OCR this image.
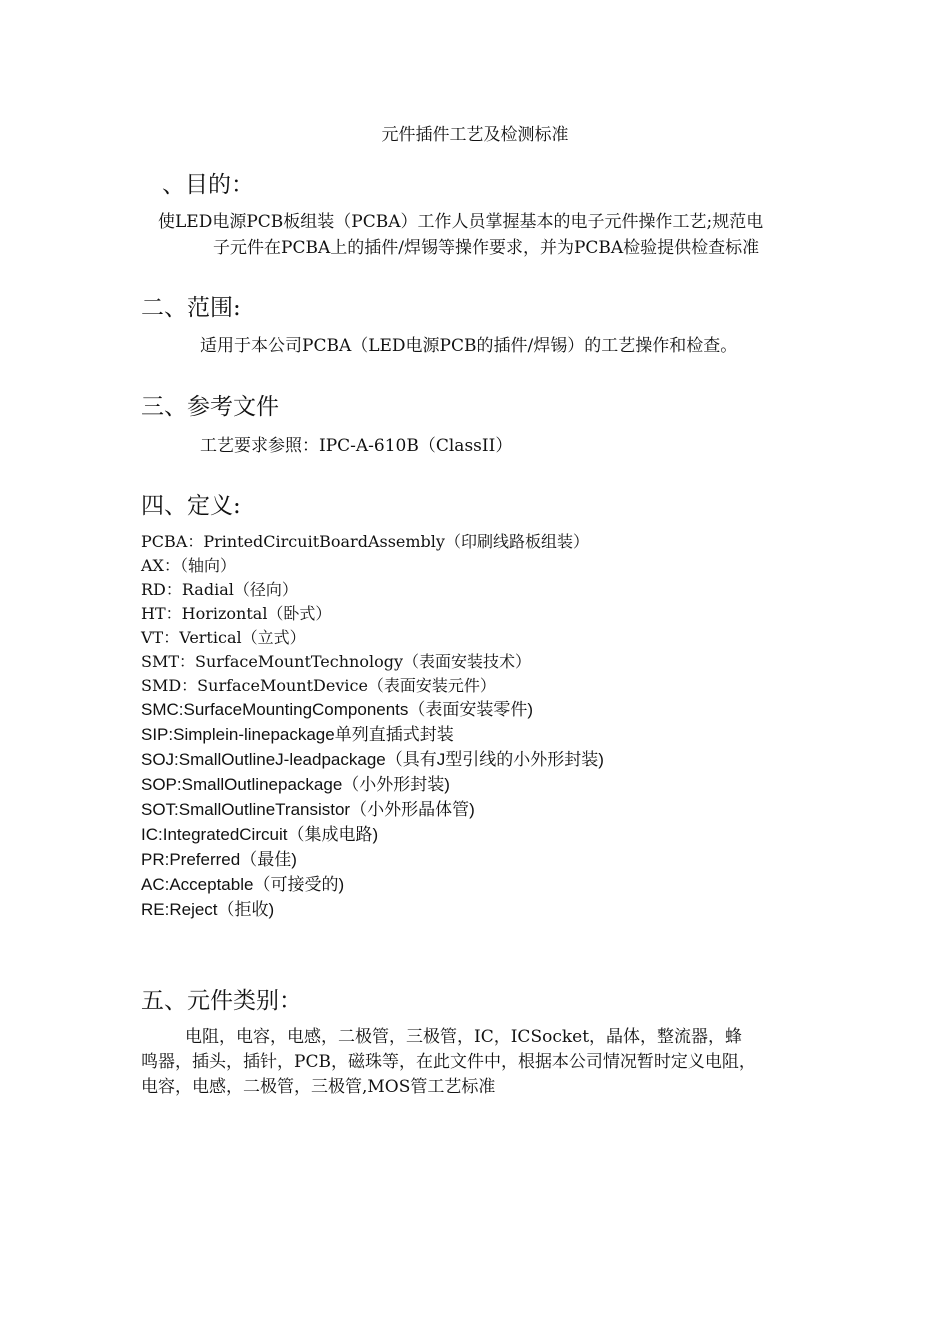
元件插件工艺及检测标准
、目的：
使LED电源PCB板组装（PCBA）工作人员掌握基本的电子元件操作工艺;规范电
子元件在PCBA上的插件/焊锡等操作要求，并为PCBA检验提供检查标准
二、范围:
适用于本公司PCBA（LED电源PCB的插件/焊锡）的工艺操作和检查。
三、参考文件
工艺要求参照：IPC-A-610B（ClassII）
四、定义:
PCBA：PrintedCircuitBoardAssembly（印刷线路板组装）
AX：（轴向）
RD：Radial（径向）
HT：Horizontal（卧式）
VT：Vertical（立式）
SMT：SurfaceMountTechnology（表面安装技术）
SMD：SurfaceMountDevice（表面安装元件）
SMC:SurfaceMountingComponents（表面安装零件)
SIP:Simplein-linepackage单列直插式封装
SOJ:SmallOutlineJ-leadpackage（具有J型引线的小外形封装)
SOP:SmallOutlinepackage（小外形封装)
SOT:SmallOutlineTransistor（小外形晶体管)
IC:IntegratedCircuit（集成电路)
PR:Preferred（最佳)
AC:Acceptable（可接受的)
RE:Reject（拒收)
五、元件类别：
电阻，电容，电感，二极管，三极管，IC，ICSocket，晶体，整流器，蜂
鸣器，插头，插针，PCB，磁珠等，在此文件中，根据本公司情况暂时定义电阻，
电容，电感，二极管，三极管,MOS管工艺标准
